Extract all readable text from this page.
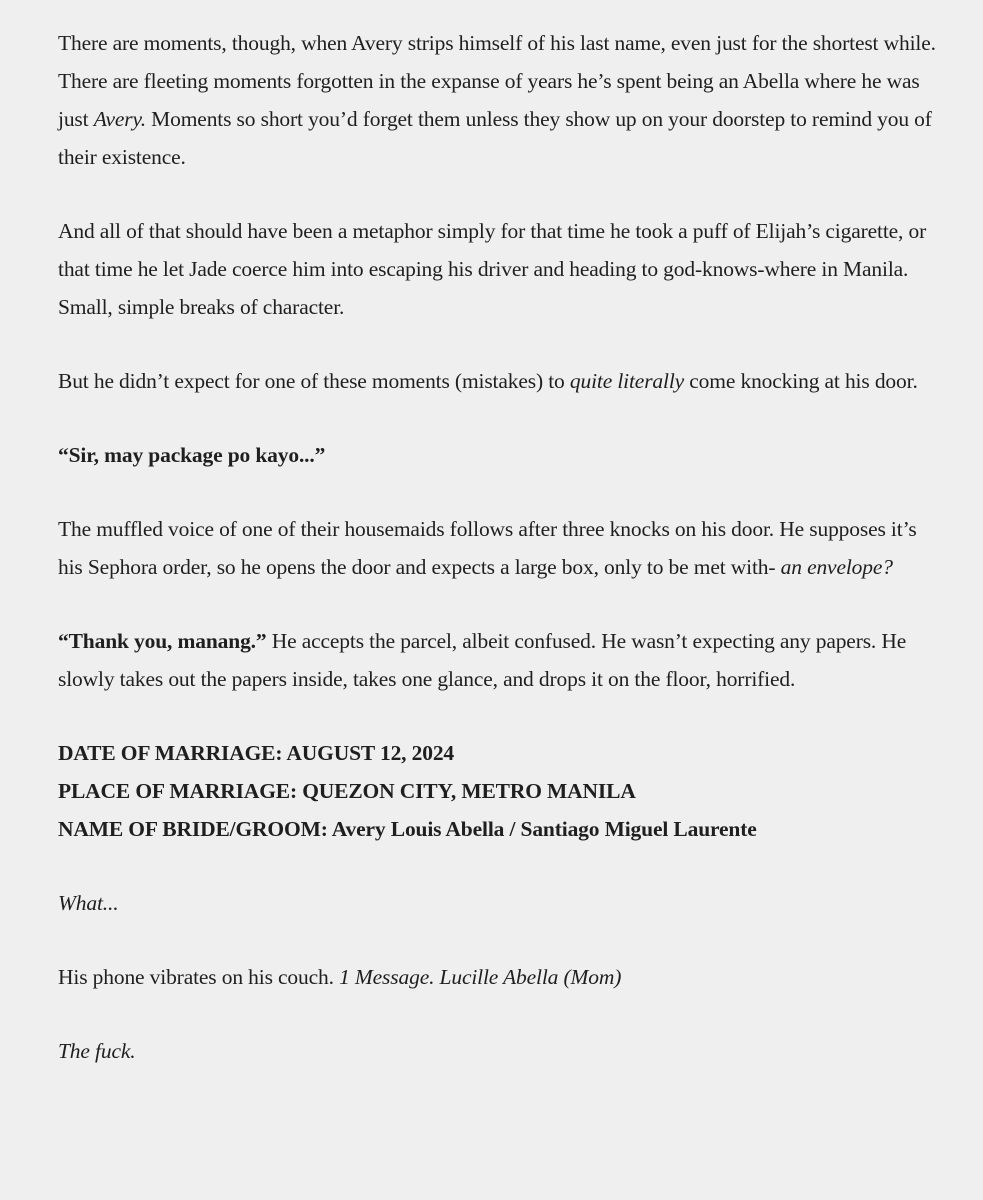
There are moments, though, when Avery strips himself of his last name, even just for the shortest while. There are fleeting moments forgotten in the expanse of years he’s spent being an Abella where he was just Avery. Moments so short you’d forget them unless they show up on your doorstep to remind you of their existence.

And all of that should have been a metaphor simply for that time he took a puff of Elijah’s cigarette, or that time he let Jade coerce him into escaping his driver and heading to god-knows-where in Manila. Small, simple breaks of character.

But he didn’t expect for one of these moments (mistakes) to quite literally come knocking at his door.

“Sir, may package po kayo...”

The muffled voice of one of their housemaids follows after three knocks on his door. He supposes it’s his Sephora order, so he opens the door and expects a large box, only to be met with- an envelope?

“Thank you, manang.” He accepts the parcel, albeit confused. He wasn’t expecting any papers. He slowly takes out the papers inside, takes one glance, and drops it on the floor, horrified.

DATE OF MARRIAGE: AUGUST 12, 2024
PLACE OF MARRIAGE: QUEZON CITY, METRO MANILA
NAME OF BRIDE/GROOM: Avery Louis Abella / Santiago Miguel Laurente

What...

His phone vibrates on his couch. 1 Message. Lucille Abella (Mom)

The fuck.
